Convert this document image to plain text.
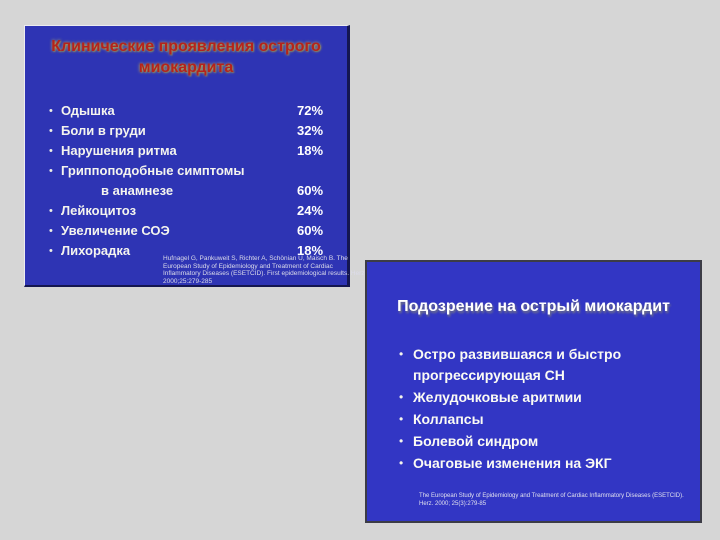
Клинические проявления острого миокардита
• Одышка	72%
• Боли в груди	32%
• Нарушения ритма	18%
• Гриппоподобные симптомы
в анамнезе	60%
• Лейкоцитоз	24%
• Увеличение СОЭ	60%
• Лихорадка	18%
Hufnagel G, Pankuweit S, Richter A, Schönian U, Maisch B. The
European Study of Epidemiology and Treatment of Cardiac
Inflammatory Diseases (ESETCID). First epidemiological results. Herz
2000;25:279-285
Подозрение на острый миокардит
• Остро развившаяся и быстро прогрессирующая СН
• Желудочковые аритмии
• Коллапсы
• Болевой синдром
• Очаговые изменения на ЭКГ
The European Study of Epidemiology and Treatment of Cardiac Inflammatory Diseases (ESETCID).
Herz. 2000; 25(3):279-85
